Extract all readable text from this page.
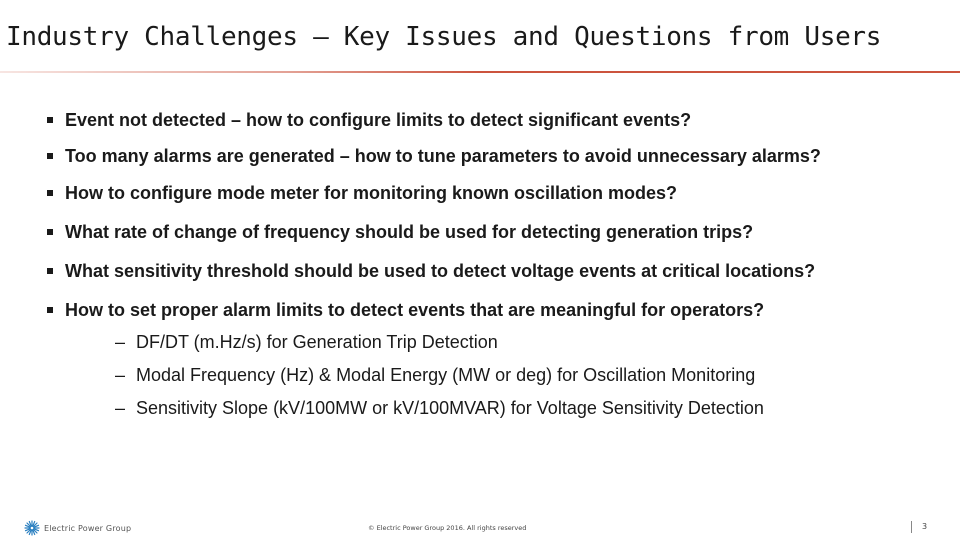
Industry Challenges – Key Issues and Questions from Users
Event not detected – how to configure limits to detect significant events?
Too many alarms are generated – how to tune parameters to avoid unnecessary alarms?
How to configure mode meter for monitoring known oscillation modes?
What rate of change of frequency should be used for detecting generation trips?
What sensitivity threshold should be used to detect voltage events at critical locations?
How to set proper alarm limits to detect events that are meaningful for operators?
– DF/DT (m.Hz/s) for Generation Trip Detection
– Modal Frequency (Hz) & Modal Energy (MW or deg) for Oscillation Monitoring
– Sensitivity Slope (kV/100MW or kV/100MVAR) for Voltage Sensitivity Detection
Electric Power Group	© Electric Power Group 2016. All rights reserved	3
